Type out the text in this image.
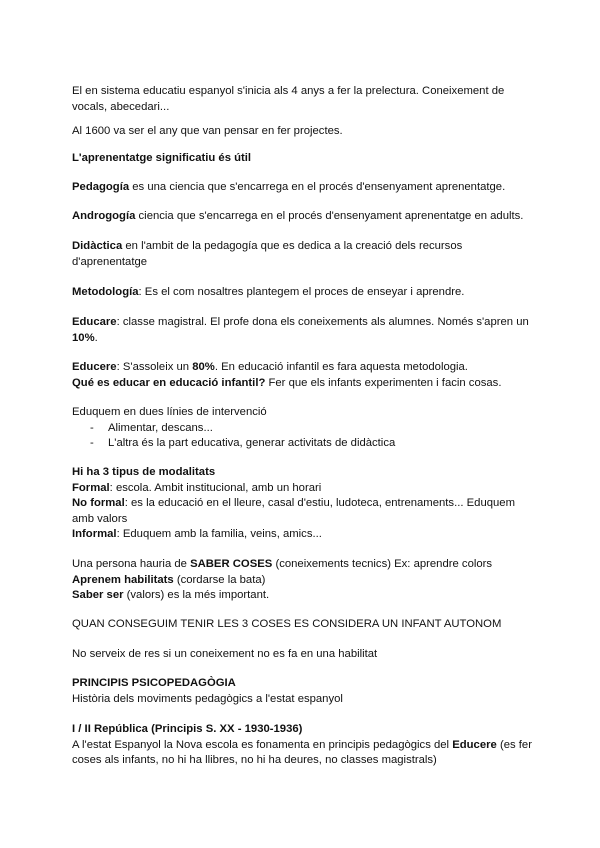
El en sistema educatiu espanyol s'inicia als 4 anys a fer la prelectura. Coneixement de vocals, abecedari...

Al 1600 va ser el any que van pensar en fer projectes.

L'aprenentatge significatiu és útil

Pedagogía es una ciencia que s'encarrega en el procés d'ensenyament aprenentatge.

Androgogía ciencia que s'encarrega en el procés d'ensenyament aprenentatge en adults.

Didàctica en l'ambit de la pedagogía que es dedica a la creació dels recursos d'aprenentatge

Metodología: Es el com nosaltres plantegem el proces de enseyar i aprendre.

Educare: classe magistral. El profe dona els coneixements als alumnes. Només s'apren un 10%.

Educere: S'assoleix un 80%. En educació infantil es fara aquesta metodologia.

Qué es educar en educació infantil? Fer que els infants experimenten i facin cosas.

Eduquem en dues línies de intervenció

- Alimentar, descans...

- L'altra és la part educativa, generar activitats de didàctica

Hi ha 3 tipus de modalitats

Formal: escola. Ambit institucional, amb un horari

No formal: es la educació en el lleure, casal d'estiu, ludoteca, entrenaments... Eduquem amb valors

Informal: Eduquem amb la familia, veins, amics...

Una persona hauria de SABER COSES (coneixements tecnics) Ex: aprendre colors

Aprenem habilitats (cordarse la bata)

Saber ser (valors) es la més important.

QUAN CONSEGUIM TENIR LES 3 COSES ES CONSIDERA UN INFANT AUTONOM

No serveix de res si un coneixement no es fa en una habilitat

PRINCIPIS PSICOPEDAGÒGIA

Història dels moviments pedagògics a l'estat espanyol

I / II República (Principis S. XX - 1930-1936)

A l'estat Espanyol la Nova escola es fonamenta en principis pedagògics del Educere (es fer coses als infants, no hi ha llibres, no hi ha deures, no classes magistrals)
